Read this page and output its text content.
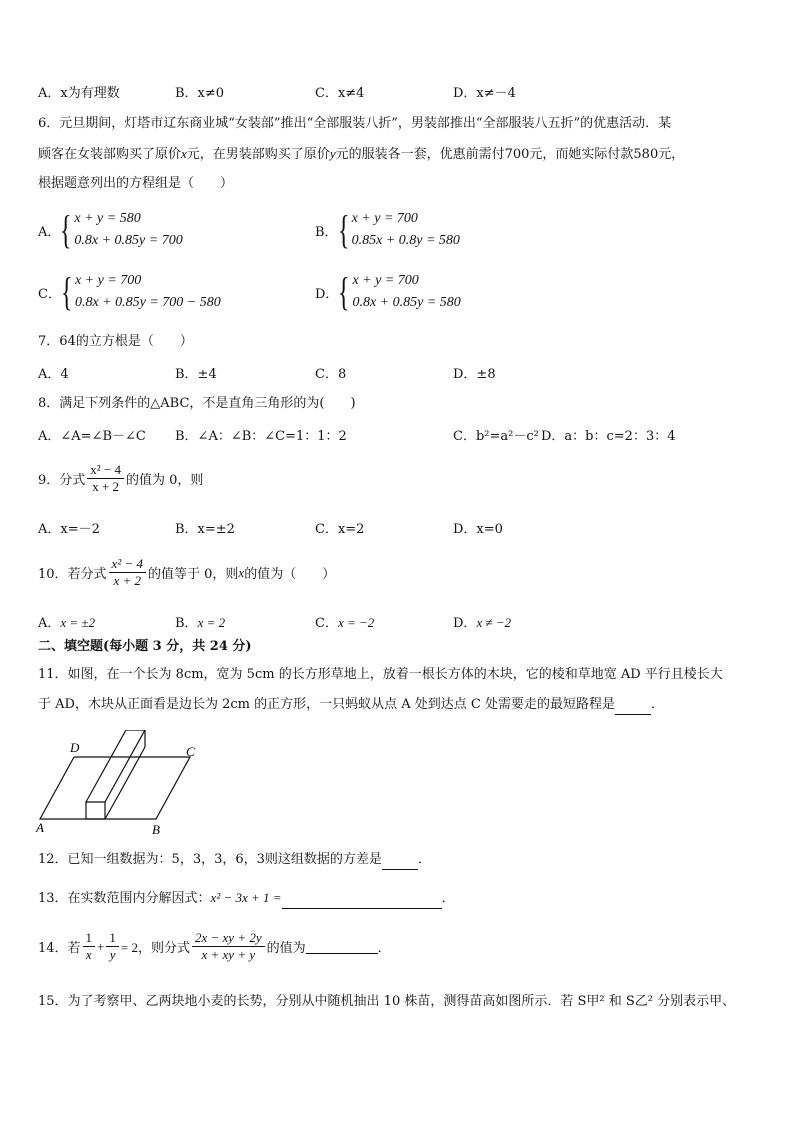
A．x为有理数	B．x≠0	C．x≠4	D．x≠－4
6．元旦期间，灯塔市辽东商业城“女装部”推出“全部服装八折”，男装部推出“全部服装八五折”的优惠活动．某
顾客在女装部购买了原价x元，在男装部购买了原价y元的服装各一套，优惠前需付700元，而她实际付款580元，
根据题意列出的方程组是（　　）
A． { x + y = 580
0.8x + 0.85y = 700
B． { x + y = 700
0.85x + 0.8y = 580
C． { x + y = 700
0.8x + 0.85y = 700 − 580
D． { x + y = 700
0.8x + 0.85y = 580
7．64的立方根是（　　）
A．4	B．±4	C．8	D．±8
8．满足下列条件的△ABC，不是直角三角形的为(　　)
A．∠A=∠B－∠C B．∠A：∠B：∠C=1：1：2	C．b²=a²－c² D．a：b：c=2：3：4
9．分式 $\frac{\text{x² − 4}}{x + 2}$ 的值为 0，则
A．x=－2	B．x=±2	C．x=2	D．x=0
10．若分式 $\frac{\text{x² − 4}}{x + 2}$ 的值等于 0，则 x 的值为（　　）
A．x = ±2	B．x = 2	C．x = −2	D．x ≠ −2
二、填空题(每小题 3 分，共 24 分)
11．如图，在一个长为 8cm，宽为 5cm 的长方形草地上，放着一根长方体的木块，它的棱和草地宽 AD 平行且棱长大
于 AD，木块从正面看是边长为 2cm 的正方形，一只蚂蚁从点 A 处到达点 C 处需要走的最短路程是	．
D	C
A	B
12．已知一组数据为：5，3，3，6，3则这组数据的方差是	．
13．在实数范围内分解因式：x² − 3x + 1 =	．
14．若 $\frac{1}{x} + \frac{1}{y} = 2$，则分式 $\frac{2x - xy + 2y}{x + xy + y}$ 的值为	．
15．为了考察甲、乙两块地小麦的长势，分别从中随机抽出 10 株苗，测得苗高如图所示．若 S甲² 和 S乙² 分别表示甲、
